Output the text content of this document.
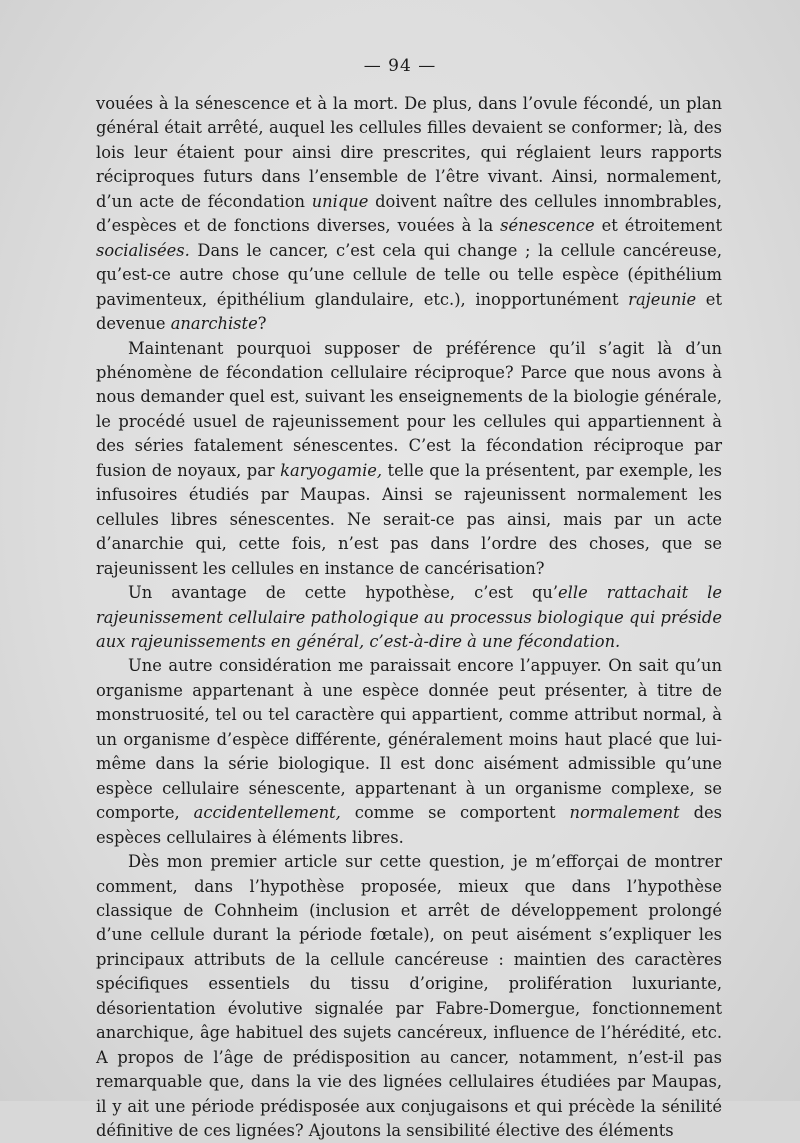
— 94 —

vouées à la sénescence et à la mort. De plus, dans l’ovule fécondé, un plan général était arrêté, auquel les cellules filles devaient se conformer; là, des lois leur étaient pour ainsi dire prescrites, qui réglaient leurs rapports réciproques futurs dans l’ensemble de l’être vivant. Ainsi, normalement, d’un acte de fécondation unique doivent naître des cellules innombrables, d’espèces et de fonctions diverses, vouées à la sénescence et étroitement socialisées. Dans le cancer, c’est cela qui change ; la cellule cancéreuse, qu’est-ce autre chose qu’une cellule de telle ou telle espèce (épithélium pavimenteux, épithélium glandulaire, etc.), inopportunément rajeunie et devenue anarchiste?

Maintenant pourquoi supposer de préférence qu’il s’agit là d’un phénomène de fécondation cellulaire réciproque? Parce que nous avons à nous demander quel est, suivant les enseignements de la biologie générale, le procédé usuel de rajeunissement pour les cellules qui appartiennent à des séries fatalement sénescentes. C’est la fécondation réciproque par fusion de noyaux, par karyogamie, telle que la présentent, par exemple, les infusoires étudiés par Maupas. Ainsi se rajeunissent normalement les cellules libres sénescentes. Ne serait-ce pas ainsi, mais par un acte d’anarchie qui, cette fois, n’est pas dans l’ordre des choses, que se rajeunissent les cellules en instance de cancérisation?

Un avantage de cette hypothèse, c’est qu’elle rattachait le rajeunissement cellulaire pathologique au processus biologique qui préside aux rajeunissements en général, c’est-à-dire à une fécondation.

Une autre considération me paraissait encore l’appuyer. On sait qu’un organisme appartenant à une espèce donnée peut présenter, à titre de monstruosité, tel ou tel caractère qui appartient, comme attribut normal, à un organisme d’espèce différente, généralement moins haut placé que lui-même dans la série biologique. Il est donc aisément admissible qu’une espèce cellulaire sénescente, appartenant à un organisme complexe, se comporte, accidentellement, comme se comportent normalement des espèces cellulaires à éléments libres.

Dès mon premier article sur cette question, je m’efforçai de montrer comment, dans l’hypothèse proposée, mieux que dans l’hypothèse classique de Cohnheim (inclusion et arrêt de développement prolongé d’une cellule durant la période fœtale), on peut aisément s’expliquer les principaux attributs de la cellule cancéreuse : maintien des caractères spécifiques essentiels du tissu d’origine, prolifération luxuriante, désorientation évolutive signalée par Fabre-Domergue, fonctionnement anarchique, âge habituel des sujets cancéreux, influence de l’hérédité, etc. A propos de l’âge de prédisposition au cancer, notamment, n’est-il pas remarquable que, dans la vie des lignées cellulaires étudiées par Maupas, il y ait une période prédisposée aux conjugaisons et qui précède la sénilité définitive de ces lignées? Ajoutons la sensibilité élective des éléments
